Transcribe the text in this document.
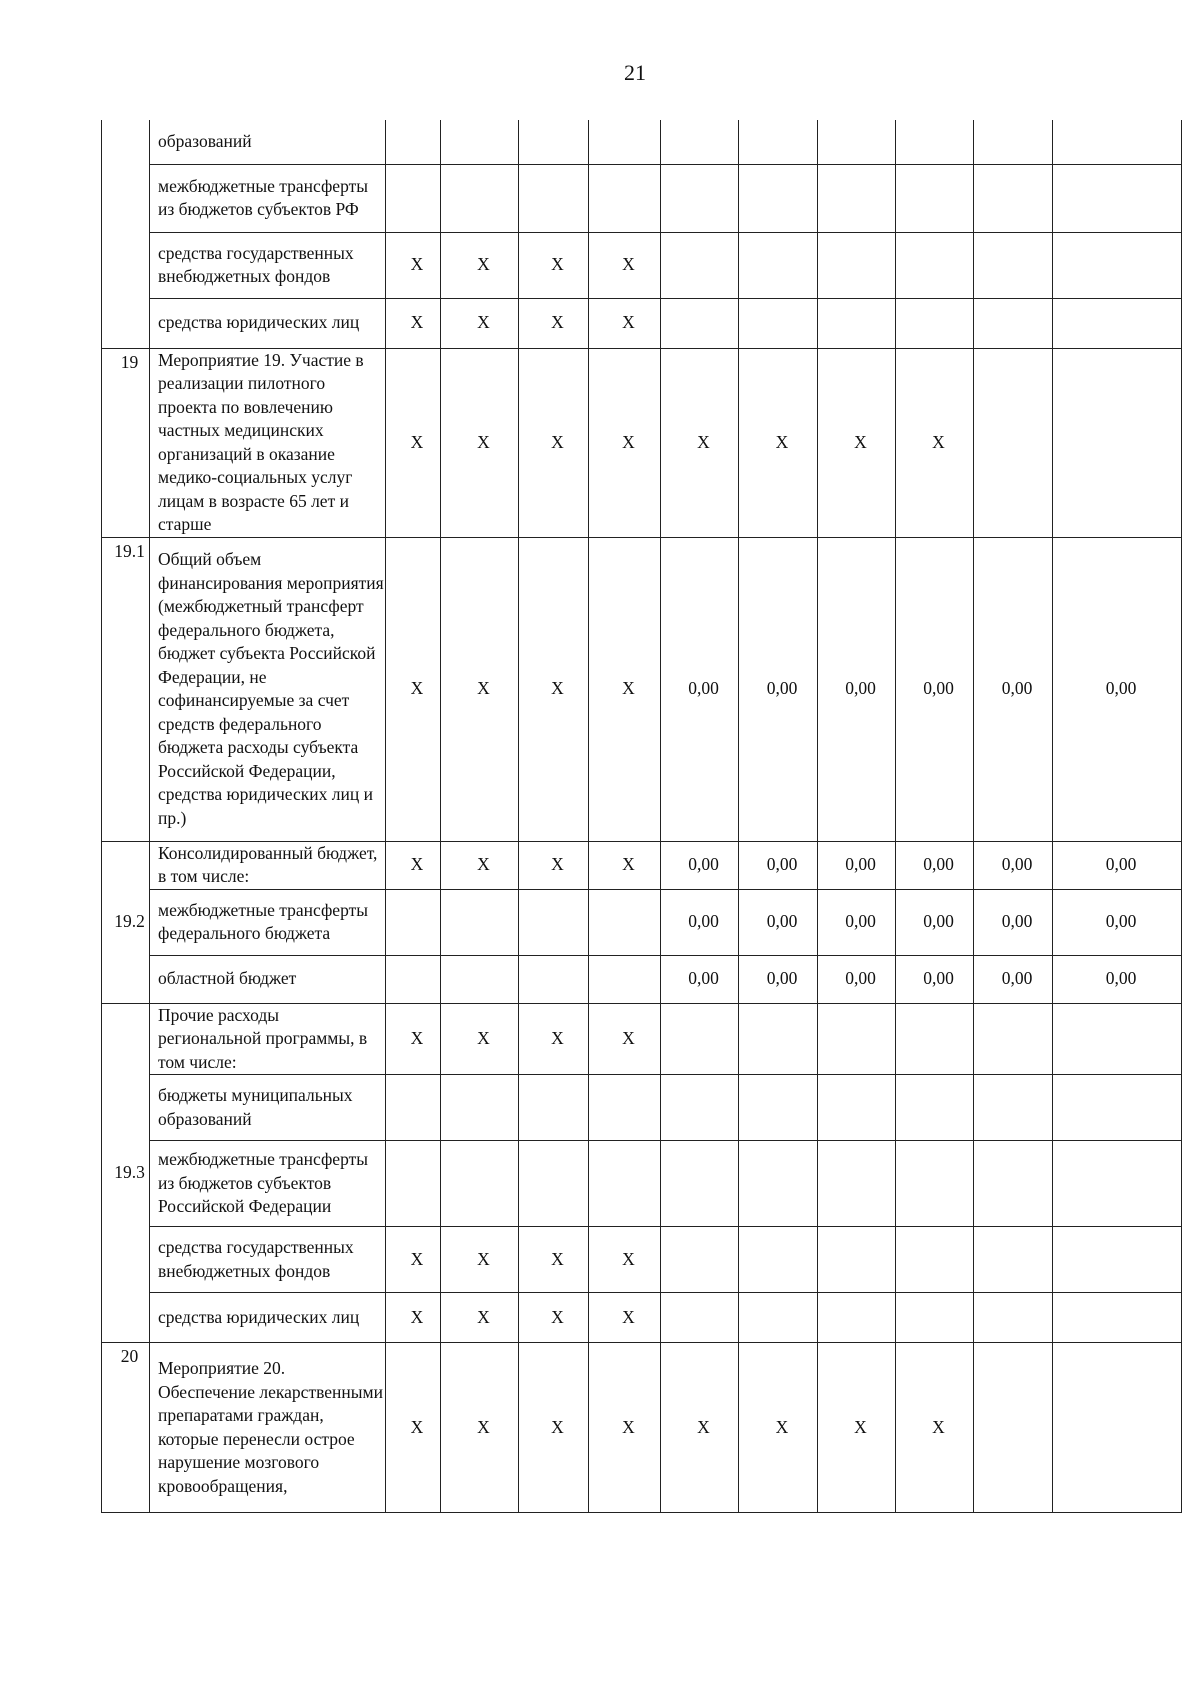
21
	образований										
	межбюджетные трансферты из бюджетов субъектов РФ										
	средства государственных внебюджетных фондов	X	X	X	X						
	средства юридических лиц	X	X	X	X						
19	Мероприятие 19. Участие в реализации пилотного проекта по вовлечению частных медицинских организаций в оказание медико-социальных услуг лицам в возрасте 65 лет и старше	X	X	X	X	X	X	X	X		
19.1	Общий объем финансирования мероприятия (межбюджетный трансферт федерального бюджета, бюджет субъекта Российской Федерации, не софинансируемые за счет средств федерального бюджета расходы субъекта Российской Федерации, средства юридических лиц и пр.)	X	X	X	X	0,00	0,00	0,00	0,00	0,00	0,00
19.2	Консолидированный бюджет, в том числе:	X	X	X	X	0,00	0,00	0,00	0,00	0,00	0,00
	межбюджетные трансферты федерального бюджета					0,00	0,00	0,00	0,00	0,00	0,00
	областной бюджет					0,00	0,00	0,00	0,00	0,00	0,00
19.3	Прочие расходы региональной программы, в том числе:	X	X	X	X						
	бюджеты муниципальных образований										
	межбюджетные трансферты из бюджетов субъектов Российской Федерации										
	средства государственных внебюджетных фондов	X	X	X	X						
	средства юридических лиц	X	X	X	X						
20	Мероприятие 20. Обеспечение лекарственными препаратами граждан, которые перенесли острое нарушение мозгового кровообращения,	X	X	X	X	X	X	X	X		
